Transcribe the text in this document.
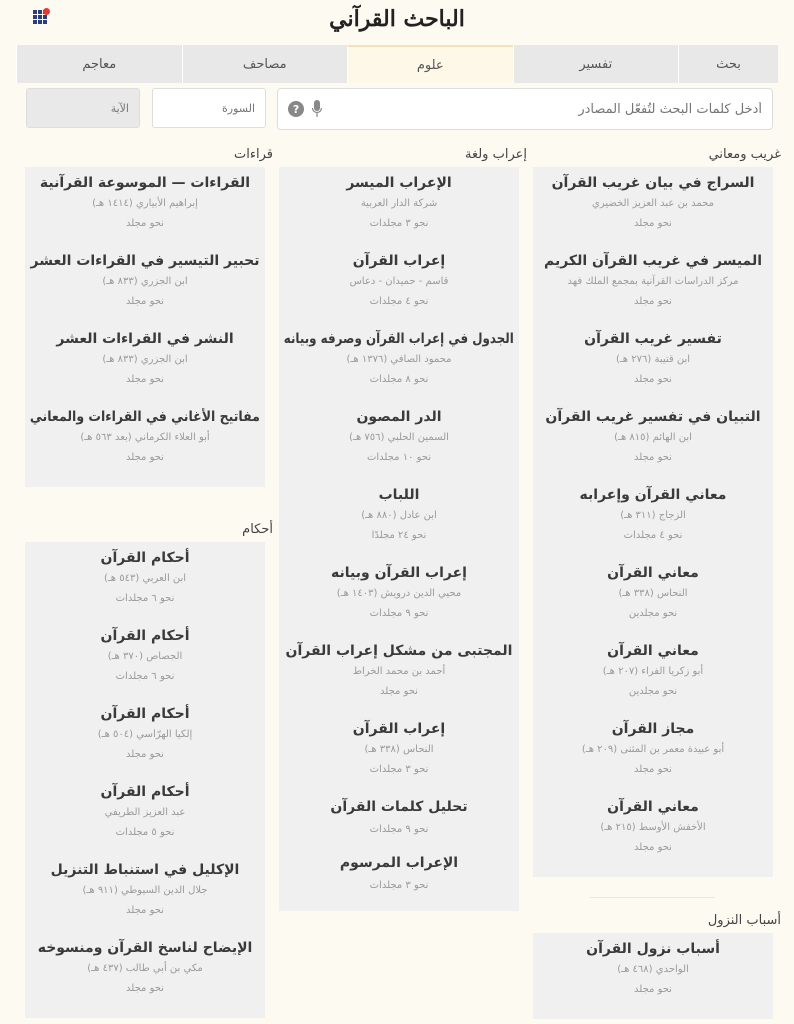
الباحث القرآني
بحث
تفسير
علوم
مصاحف
معاجم
أدخل كلمات البحث لتُفعّل المصادر
?
السورة
الآية
غريب ومعاني
السراج في بيان غريب القرآن
محمد بن عبد العزيز الخضيري
نحو مجلد
الميسر في غريب القرآن الكريم
مركز الدراسات القرآنية بمجمع الملك فهد
نحو مجلد
تفسير غريب القرآن
ابن قتيبة (٢٧٦ هـ)
نحو مجلد
التبيان في تفسير غريب القرآن
ابن الهائم (٨١٥ هـ)
نحو مجلد
معاني القرآن وإعرابه
الزجاج (٣١١ هـ)
نحو ٤ مجلدات
معاني القرآن
النحاس (٣٣٨ هـ)
نحو مجلدين
معاني القرآن
أبو زكريا الفراء (٢٠٧ هـ)
نحو مجلدين
مجاز القرآن
أبو عبيدة معمر بن المثنى (٢٠٩ هـ)
نحو مجلد
معاني القرآن
الأخفش الأوسط (٢١٥ هـ)
نحو مجلد
أسباب النزول
أسباب نزول القرآن
الواحدي (٤٦٨ هـ)
نحو مجلد
إعراب ولغة
الإعراب الميسر
شركة الدار العربية
نحو ٣ مجلدات
إعراب القرآن
قاسم - حميدان - دعاس
نحو ٤ مجلدات
الجدول في إعراب القرآن وصرفه وبيانه
محمود الصافي (١٣٧٦ هـ)
نحو ٨ مجلدات
الدر المصون
السمين الحلبي (٧٥٦ هـ)
نحو ١٠ مجلدات
اللباب
ابن عادل (٨٨٠ هـ)
نحو ٢٤ مجلدًا
إعراب القرآن وبيانه
محيي الدين درويش (١٤٠٣ هـ)
نحو ٩ مجلدات
المجتبى من مشكل إعراب القرآن
أحمد بن محمد الخراط
نحو مجلد
إعراب القرآن
النحاس (٣٣٨ هـ)
نحو ٣ مجلدات
تحليل كلمات القرآن
نحو ٩ مجلدات
الإعراب المرسوم
نحو ٣ مجلدات
قراءات
القراءات — الموسوعة القرآنية
إبراهيم الأبياري (١٤١٤ هـ)
نحو مجلد
تحبير التيسير في القراءات العشر
ابن الجزري (٨٣٣ هـ)
نحو مجلد
النشر في القراءات العشر
ابن الجزري (٨٣٣ هـ)
نحو مجلد
مفاتيح الأغاني في القراءات والمعاني
أبو العلاء الكرماني (بعد ٥٦٣ هـ)
نحو مجلد
أحكام
أحكام القرآن
ابن العربي (٥٤٣ هـ)
نحو ٦ مجلدات
أحكام القرآن
الجصاص (٣٧٠ هـ)
نحو ٦ مجلدات
أحكام القرآن
إلكيا الهرّاسي (٥٠٤ هـ)
نحو مجلد
أحكام القرآن
عبد العزيز الطريفي
نحو ٥ مجلدات
الإكليل في استنباط التنزيل
جلال الدين السيوطي (٩١١ هـ)
نحو مجلد
الإيضاح لناسخ القرآن ومنسوخه
مكي بن أبي طالب (٤٣٧ هـ)
نحو مجلد
